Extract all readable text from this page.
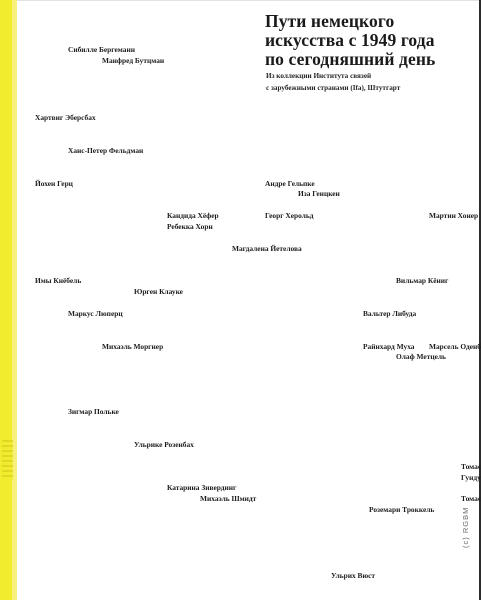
Пути немецкого
искусства с 1949 года
по сегодняшний день
Из коллекции Института связей
с зарубежными странами (Ifa), Штутгарт
Сибилле Бергеманн
Манфред Бутцман
Хартвиг Эберсбах
Ханс-Петер Фельдман
Йохен Герц	Андре Гельпке
Иза Генцкен
Кандида Хёфер
Ребекка Хорн
Георг Херольд	Мартин Хонер
Магдалена Йетелова
Имы Кнёбель	Вильмар Кёниг
Юрген Клауке
Маркус Люперц	Вальтер Либуда
Михаэль Моргнер	Райнхард Муха Марсель Оденб
Олаф Метцель
Зигмар Польке
Ульрике Розенбах
Томас
Гунду
Катарина Зивердинг
Михаэль Шмидт	Томас
Роземари Троккель
Ульрих Вюст
(c) RGBM
